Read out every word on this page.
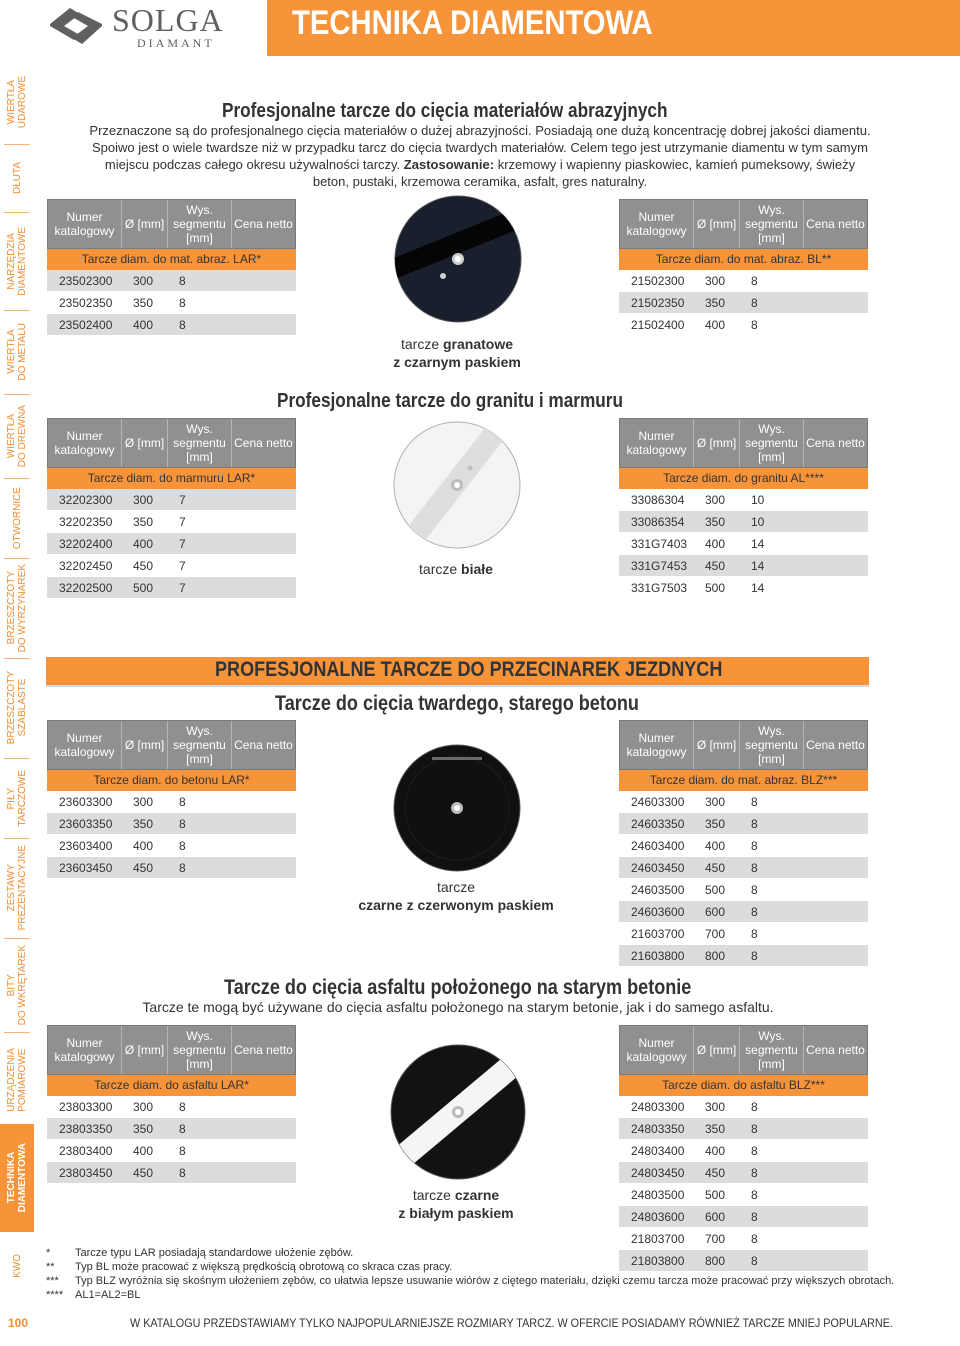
SOLGA
DIAMANT
TECHNIKA DIAMENTOWA
WIERTŁA
UDAROWE
DŁUTA
NARZĘDZIA
DIAMENTOWE
WIERTŁA
DO METALU
WIERTŁA
DO DREWNA
OTWORNICE
BRZESZCZOTY
DO WYRZYNAREK
BRZESZCZOTY
SZABLASTE
PIŁY
TARCZOWE
ZESTAWY
PREZENTACYJNE
BITY
DO WKRĘTAREK
URZĄDZENIA
POMIAROWE
TECHNIKA
DIAMENTOWA
KWO
100
Profesjonalne tarcze do cięcia materiałów abrazyjnych
Przeznaczone są do profesjonalnego cięcia materiałów o dużej abrazyjności. Posiadają one dużą koncentrację dobrej jakości diamentu.
Spoiwo jest o wiele twardsze niż w przypadku tarcz do cięcia twardych materiałów. Celem tego jest utrzymanie diamentu w tym samym
miejscu podczas całego okresu używalności tarczy. Zastosowanie: krzemowy i wapienny piaskowiec, kamień pumeksowy, świeży
beton, pustaki, krzemowa ceramika, asfalt, gres naturalny.
Numer katalogowy Ø [mm]
Wys. segmentu [mm]
Cena netto
Tarcze diam. do mat. abraz. LAR*
23502300	300	8
23502350	350	8
23502400	400	8
Numer katalogowy Ø [mm]
Wys. segmentu [mm]
Cena netto
Tarcze diam. do mat. abraz. BL**
21502300	300	8
21502350	350	8
21502400	400	8
tarcze granatowe
z czarnym paskiem
Profesjonalne tarcze do granitu i marmuru
Numer katalogowy Ø [mm]
Wys. segmentu [mm]
Cena netto
Tarcze diam. do marmuru LAR*
32202300	300	7
32202350	350	7
32202400	400	7
32202450	450	7
32202500	500	7
Numer katalogowy Ø [mm]
Wys. segmentu [mm]
Cena netto
Tarcze diam. do granitu AL****
33086304	300	10
33086354	350	10
331G7403	400	14
331G7453	450	14
331G7503	500	14
tarcze białe
PROFESJONALNE TARCZE DO PRZECINAREK JEZDNYCH
Tarcze do cięcia twardego, starego betonu
Numer katalogowy Ø [mm]
Wys. segmentu [mm]
Cena netto
Tarcze diam. do betonu LAR*
23603300	300	8
23603350	350	8
23603400	400	8
23603450	450	8
Numer katalogowy Ø [mm]
Wys. segmentu [mm]
Cena netto
Tarcze diam. do mat. abraz. BLZ***
24603300	300	8
24603350	350	8
24603400	400	8
24603450	450	8
24603500	500	8
24603600	600	8
21603700	700	8
21603800	800	8
tarcze
czarne z czerwonym paskiem
Tarcze do cięcia asfaltu położonego na starym betonie
Tarcze te mogą być używane do cięcia asfaltu położonego na starym betonie, jak i do samego asfaltu.
Numer katalogowy Ø [mm]
Wys. segmentu [mm]
Cena netto
Tarcze diam. do asfaltu LAR*
23803300	300	8
23803350	350	8
23803400	400	8
23803450	450	8
Numer katalogowy Ø [mm]
Wys. segmentu [mm]
Cena netto
Tarcze diam. do asfaltu BLZ***
24803300	300	8
24803350	350	8
24803400	400	8
24803450	450	8
24803500	500	8
24803600	600	8
21803700	700	8
21803800	800	8
tarcze czarne
z białym paskiem
*	Tarcze typu LAR posiadają standardowe ułożenie zębów.
**	Typ BL może pracować z większą prędkością obrotową co skraca czas pracy.
***	Typ BLZ wyróżnia się skośnym ułożeniem zębów, co ułatwia lepsze usuwanie wiórów z ciętego materiału, dzięki czemu tarcza może pracować przy większych obrotach.
****	AL1=AL2=BL
W KATALOGU PRZEDSTAWIAMY TYLKO NAJPOPULARNIEJSZE ROZMIARY TARCZ. W OFERCIE POSIADAMY RÓWNIEŻ TARCZE MNIEJ POPULARNE.
